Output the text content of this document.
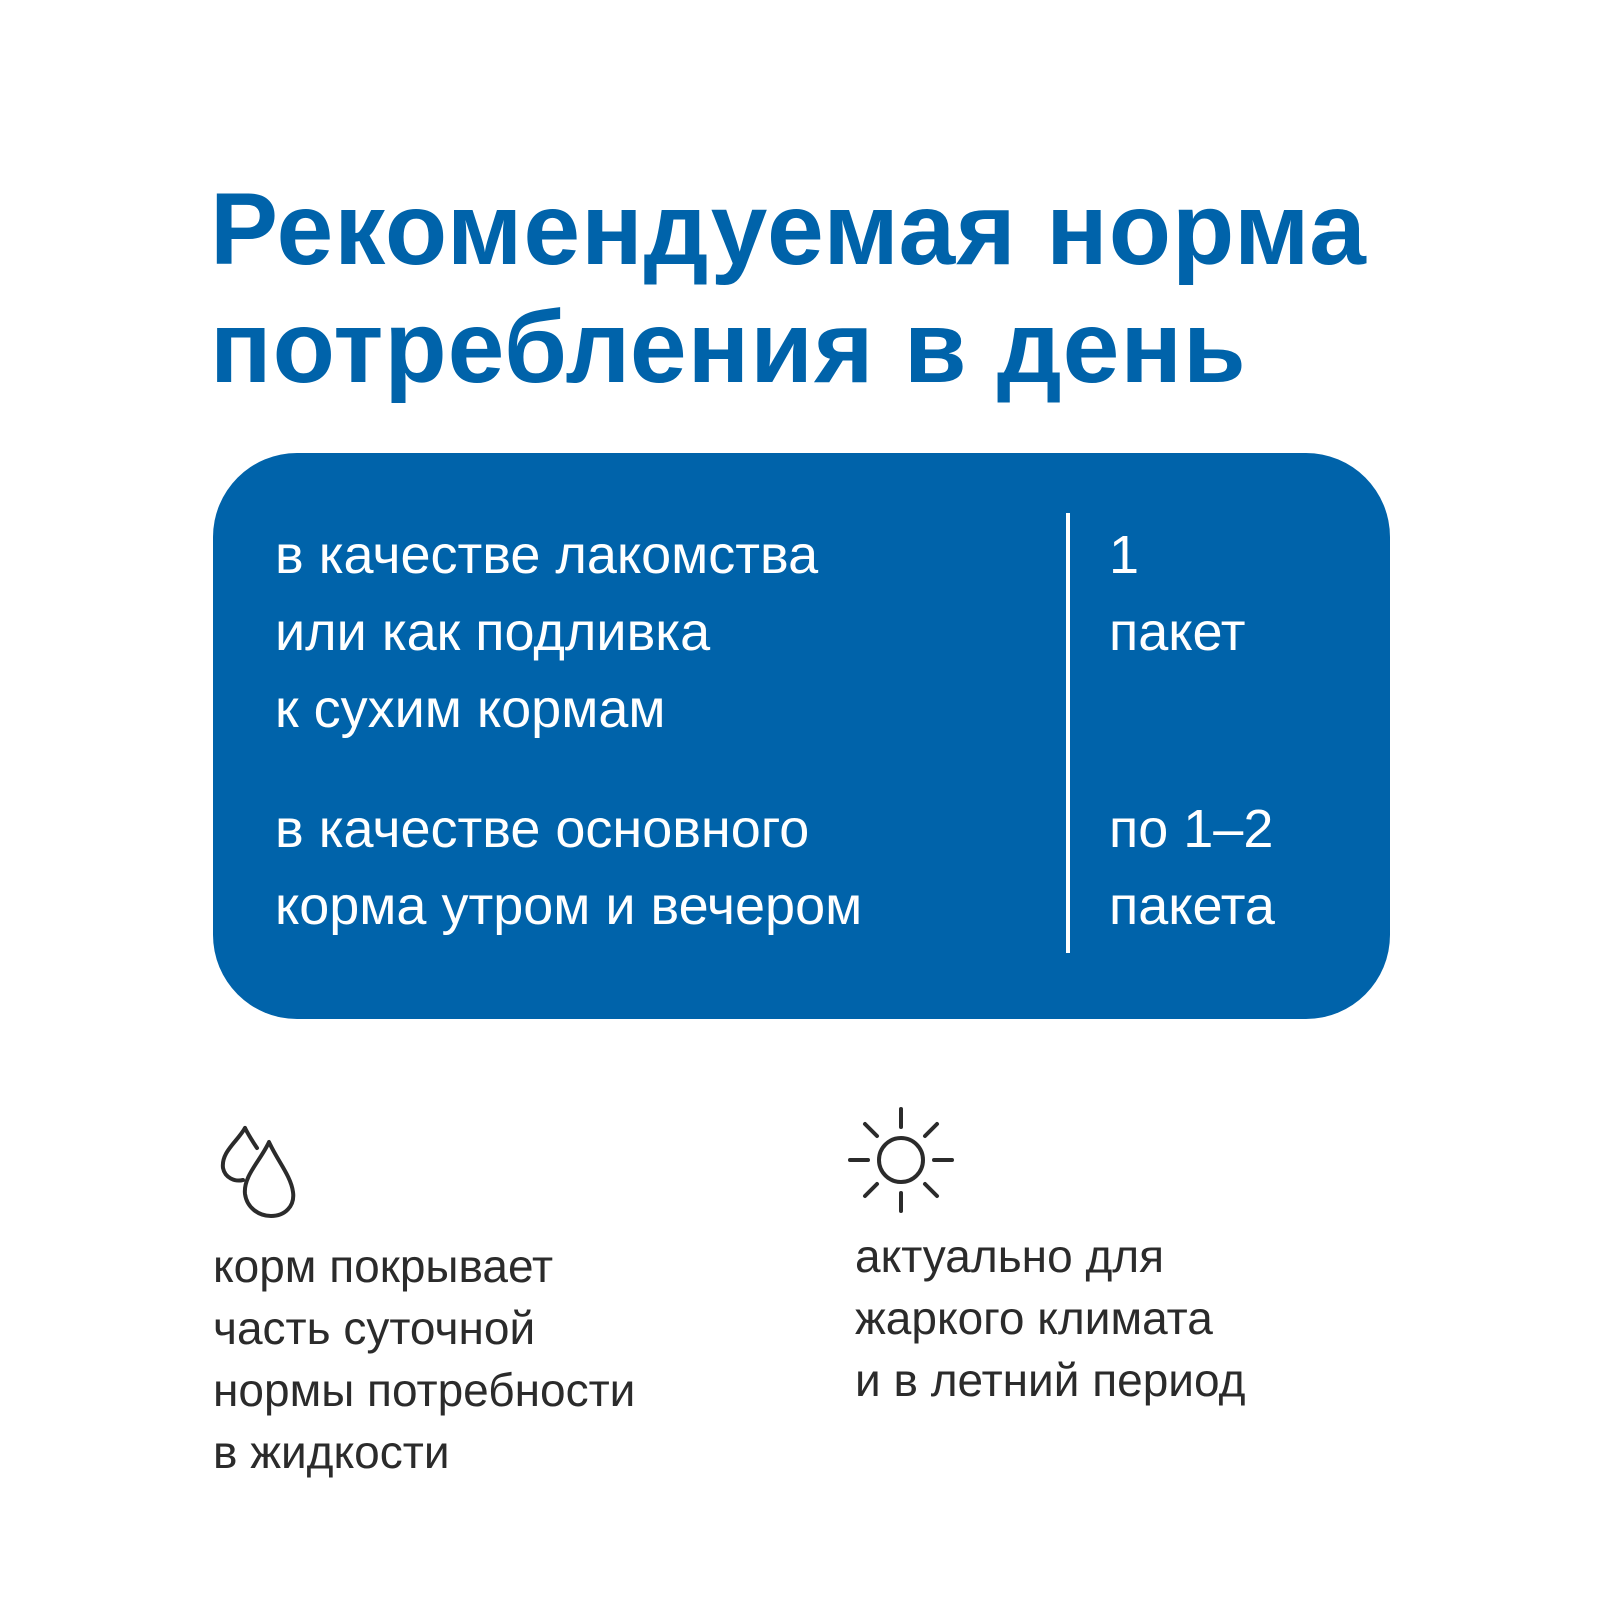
Рекомендуемая норма
потребления в день
в качестве лакомства
или как подливка
к сухим кормам
1
пакет
в качестве основного
корма утром и вечером
по 1–2
пакета
корм покрывает
часть суточной
нормы потребности
в жидкости
актуально для
жаркого климата
и в летний период
